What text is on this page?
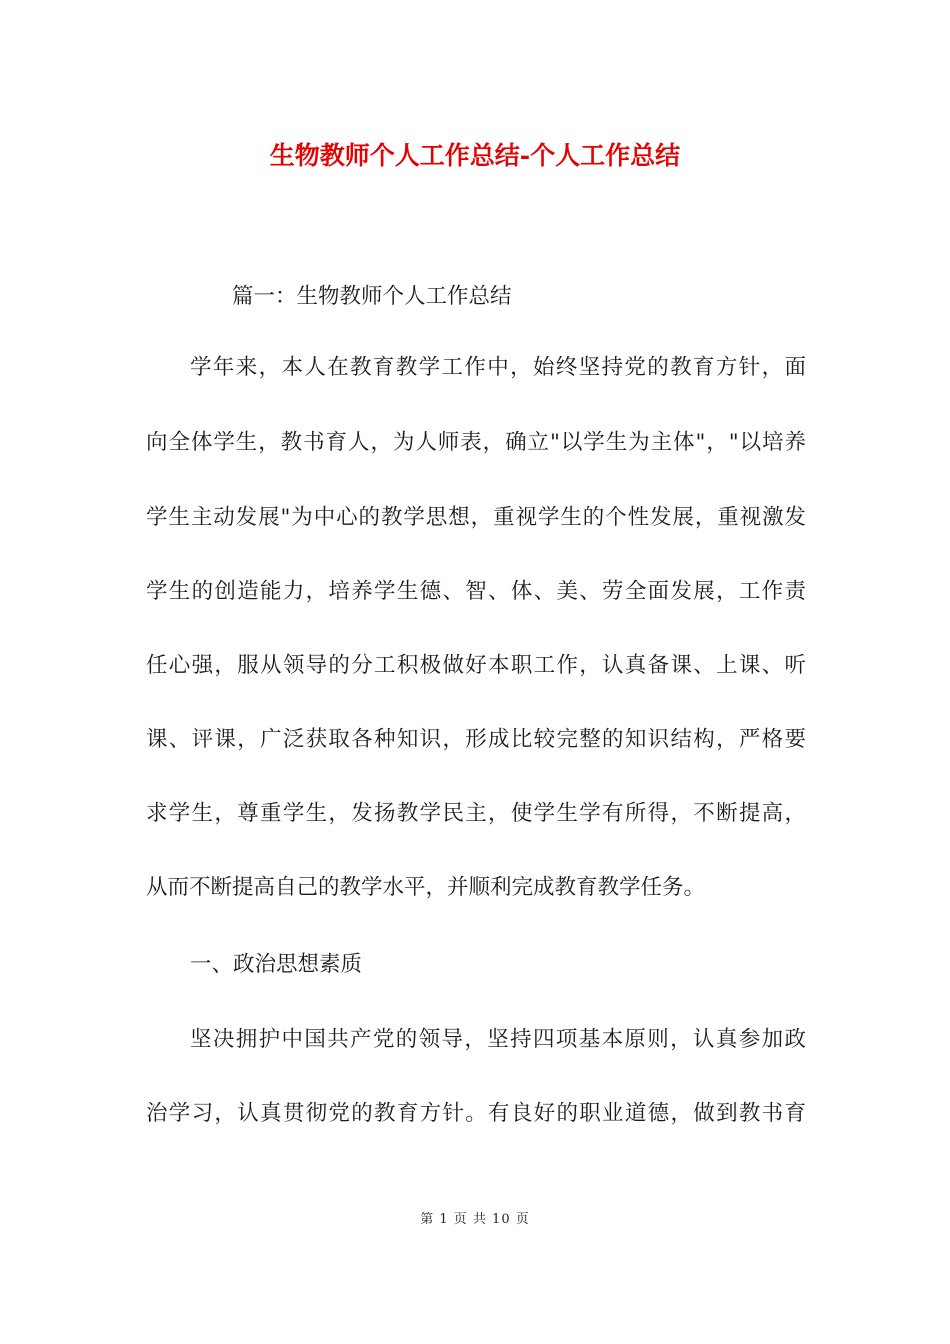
生物教师个人工作总结-个人工作总结
篇一：生物教师个人工作总结
学年来，本人在教育教学工作中，始终坚持党的教育方针，面
向全体学生，教书育人，为人师表，确立"以学生为主体"，"以培养
学生主动发展"为中心的教学思想，重视学生的个性发展，重视激发
学生的创造能力，培养学生德、智、体、美、劳全面发展，工作责
任心强，服从领导的分工积极做好本职工作，认真备课、上课、听
课、评课，广泛获取各种知识，形成比较完整的知识结构，严格要
求学生，尊重学生，发扬教学民主，使学生学有所得，不断提高，
从而不断提高自己的教学水平，并顺利完成教育教学任务。
一、政治思想素质
坚决拥护中国共产党的领导，坚持四项基本原则，认真参加政
治学习，认真贯彻党的教育方针。有良好的职业道德，做到教书育
第 1 页 共 10 页
